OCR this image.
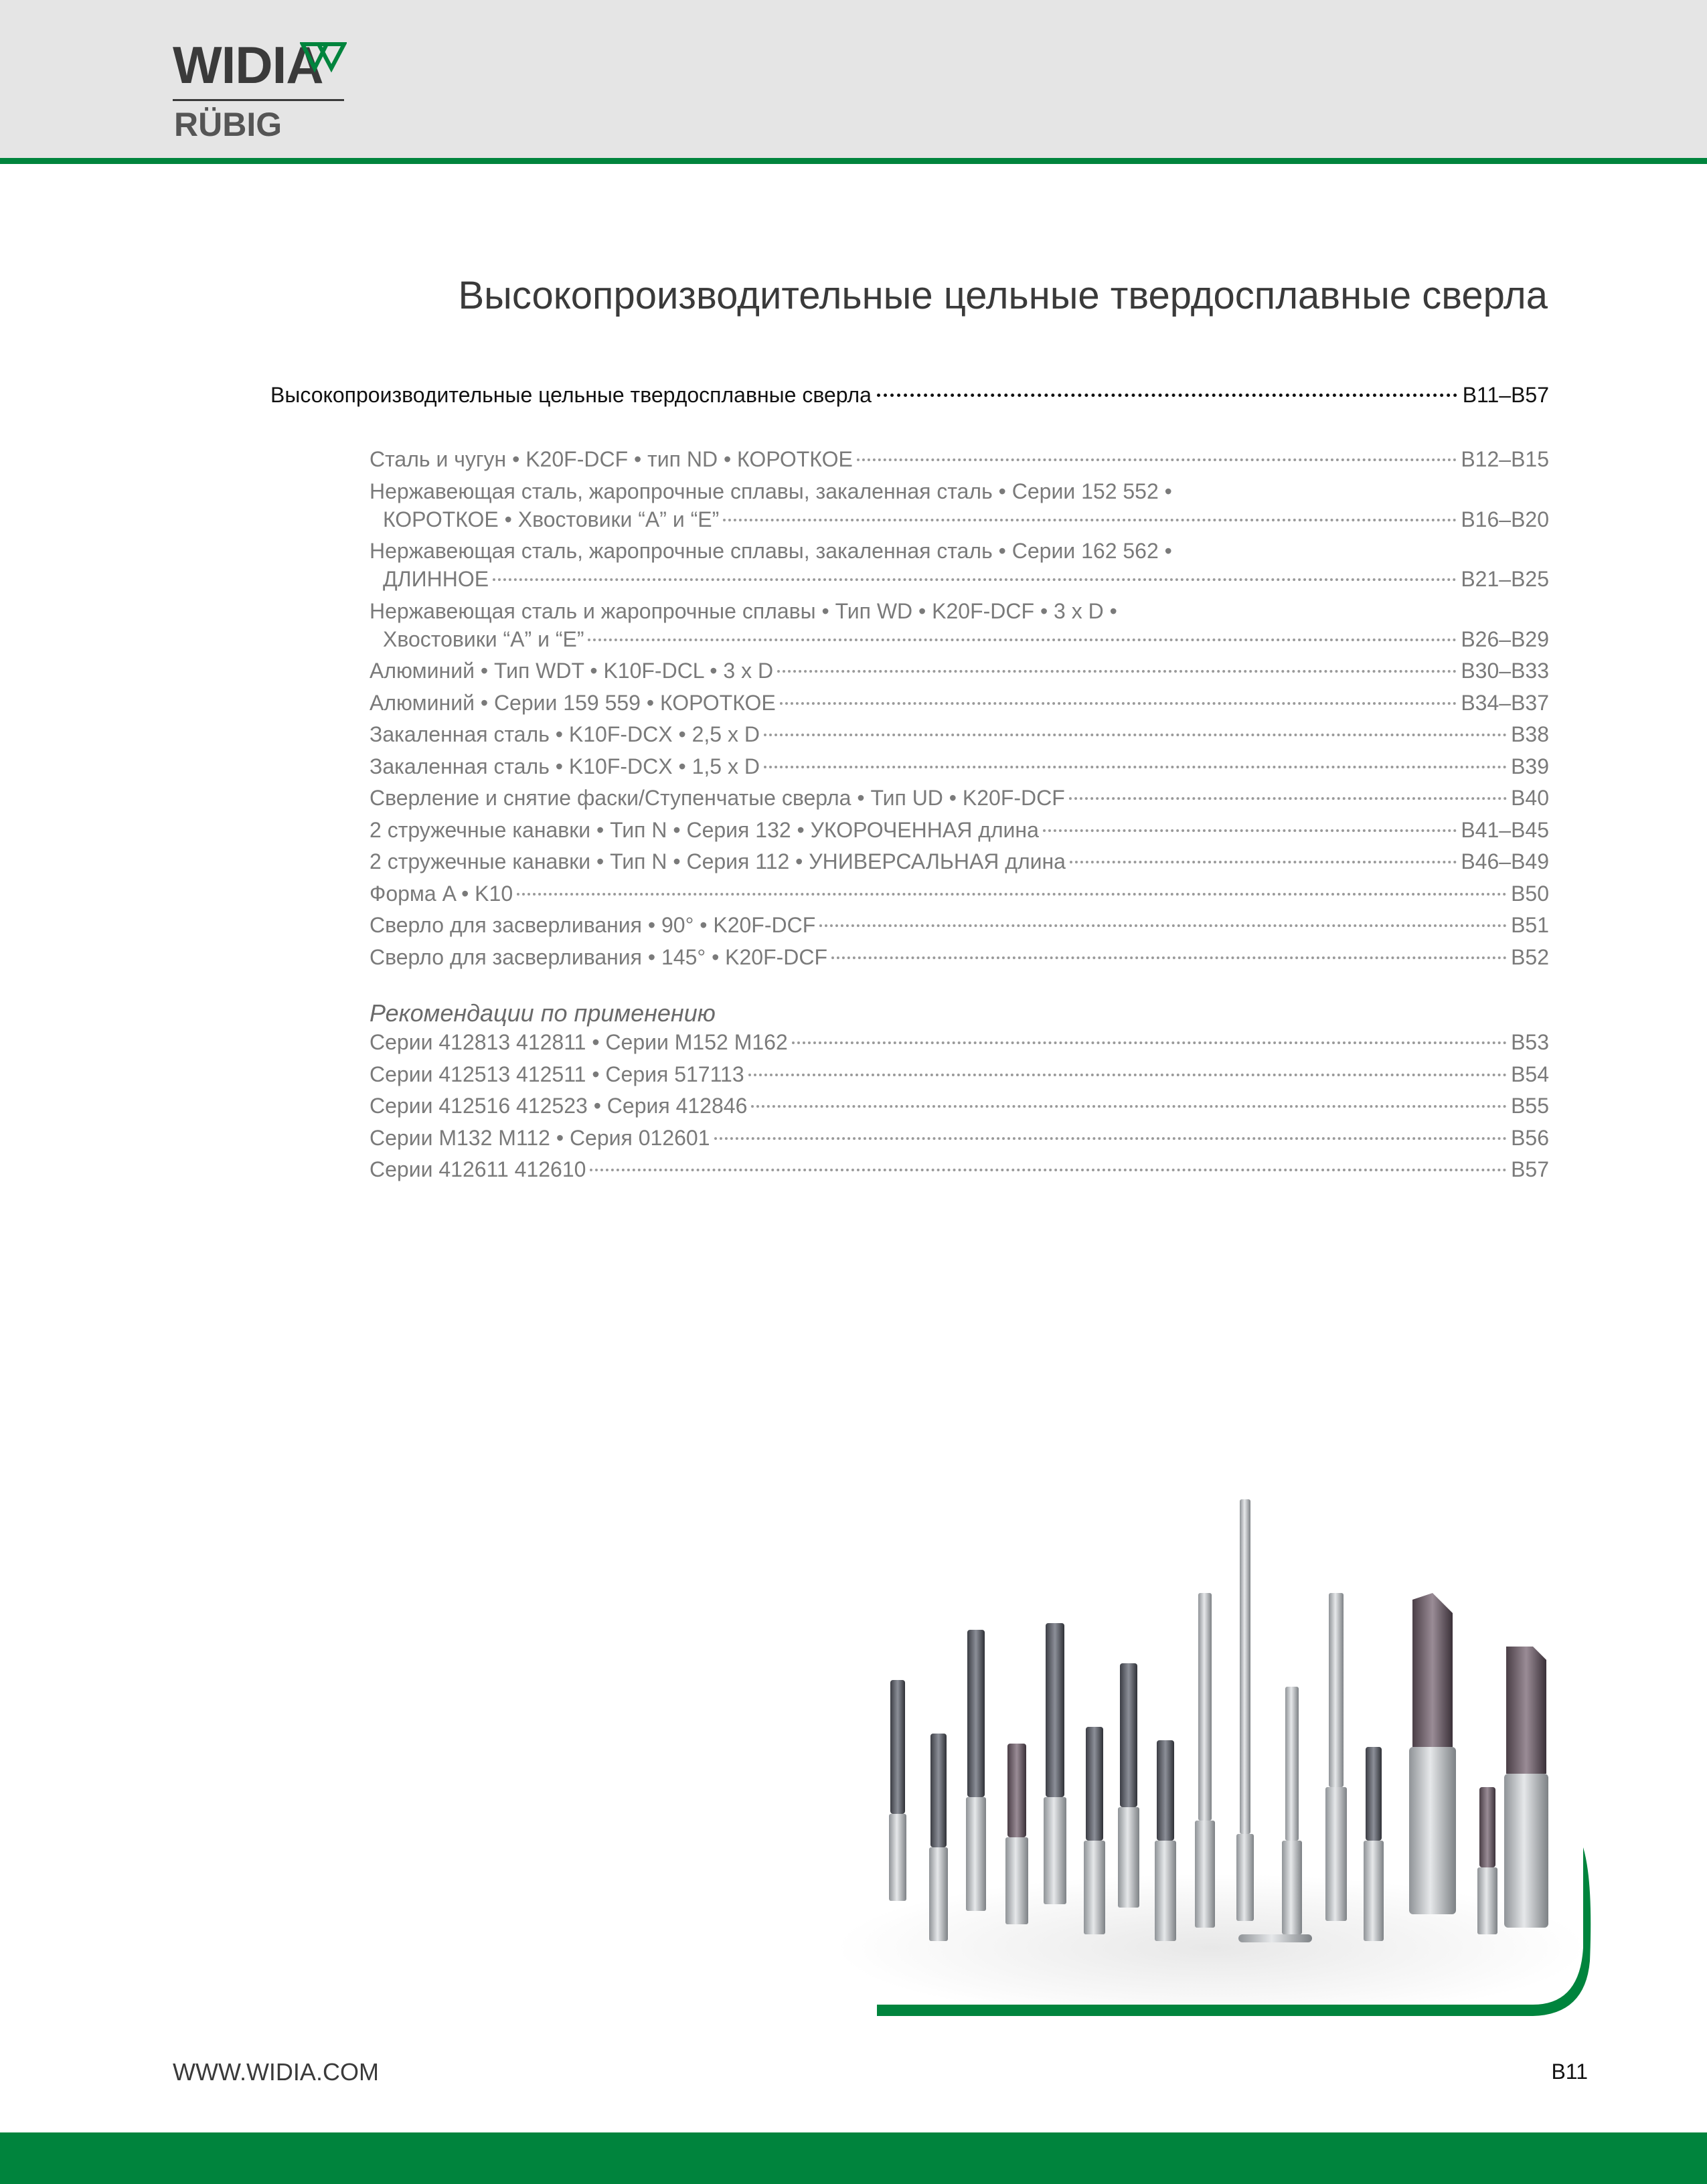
WIDIA
RÜBIG
Высокопроизводительные цельные твердосплавные сверла
Высокопроизводительные цельные твердосплавные сверла	B11–B57
Сталь и чугун • K20F-DCF • тип ND • КОРОТКОЕ	B12–B15
Нержавеющая сталь, жаропрочные сплавы, закаленная сталь • Серии 152 552 •
КОРОТКОЕ • Хвостовики “A” и “E”	B16–B20
Нержавеющая сталь, жаропрочные сплавы, закаленная сталь • Серии 162 562 •
ДЛИННОЕ	B21–B25
Нержавеющая сталь и жаропрочные сплавы • Тип WD • K20F-DCF • 3 x D •
Хвостовики “A” и “E”	B26–B29
Алюминий • Тип WDT • K10F-DCL • 3 x D	B30–B33
Алюминий • Серии 159 559 • КОРОТКОЕ	B34–B37
Закаленная сталь • K10F-DCX • 2,5 x D	B38
Закаленная сталь • K10F-DCX • 1,5 x D	B39
Сверление и снятие фаски/Ступенчатые сверла • Тип UD • K20F-DCF	B40
2 стружечные канавки • Тип N • Серия 132 • УКОРОЧЕННАЯ длина	B41–B45
2 стружечные канавки • Тип N • Серия 112 • УНИВЕРСАЛЬНАЯ длина	B46–B49
Форма A • K10	B50
Сверло для засверливания • 90° • K20F-DCF	B51
Сверло для засверливания • 145° • K20F-DCF	B52
Рекомендации по применению
Серии 412813 412811 • Серии M152 M162	B53
Серии 412513 412511 • Серия 517113	B54
Серии 412516 412523 • Серия 412846	B55
Серии M132 M112 • Серия 012601	B56
Серии 412611 412610	B57
WWW.WIDIA.COM	B11
